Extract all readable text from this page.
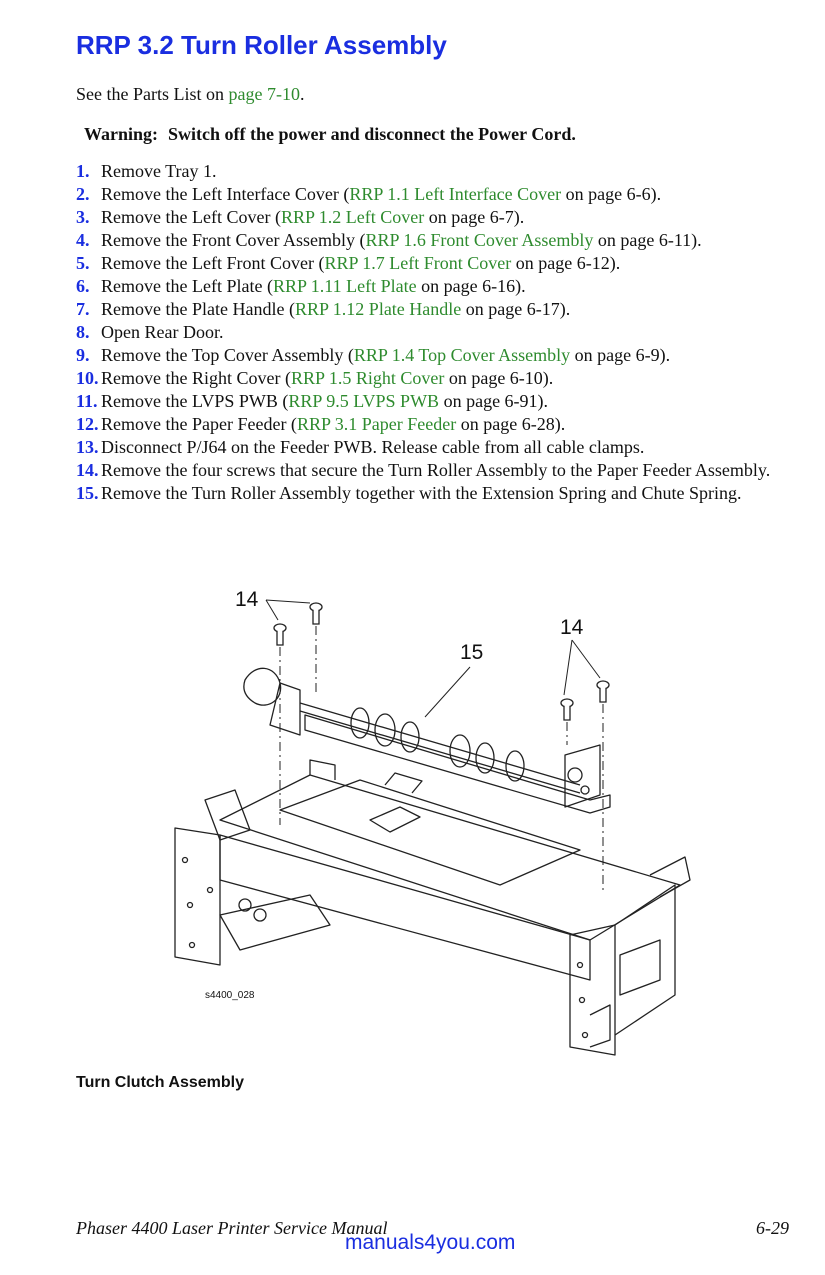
RRP 3.2 Turn Roller Assembly
See the Parts List on page 7-10.
Warning: Switch off the power and disconnect the Power Cord.
1. Remove Tray 1.
2. Remove the Left Interface Cover (RRP 1.1 Left Interface Cover on page 6-6).
3. Remove the Left Cover (RRP 1.2 Left Cover on page 6-7).
4. Remove the Front Cover Assembly (RRP 1.6 Front Cover Assembly on page 6-11).
5. Remove the Left Front Cover (RRP 1.7 Left Front Cover on page 6-12).
6. Remove the Left Plate (RRP 1.11 Left Plate on page 6-16).
7. Remove the Plate Handle (RRP 1.12 Plate Handle on page 6-17).
8. Open Rear Door.
9. Remove the Top Cover Assembly (RRP 1.4 Top Cover Assembly on page 6-9).
10. Remove the Right Cover (RRP 1.5 Right Cover on page 6-10).
11. Remove the LVPS PWB (RRP 9.5 LVPS PWB on page 6-91).
12. Remove the Paper Feeder (RRP 3.1 Paper Feeder on page 6-28).
13. Disconnect P/J64 on the Feeder PWB. Release cable from all cable clamps.
14. Remove the four screws that secure the Turn Roller Assembly to the Paper Feeder Assembly.
15. Remove the Turn Roller Assembly together with the Extension Spring and Chute Spring.
14
14
15
s4400_028
Turn Clutch Assembly
Phaser 4400 Laser Printer Service Manual	6-29
manuals4you.com
